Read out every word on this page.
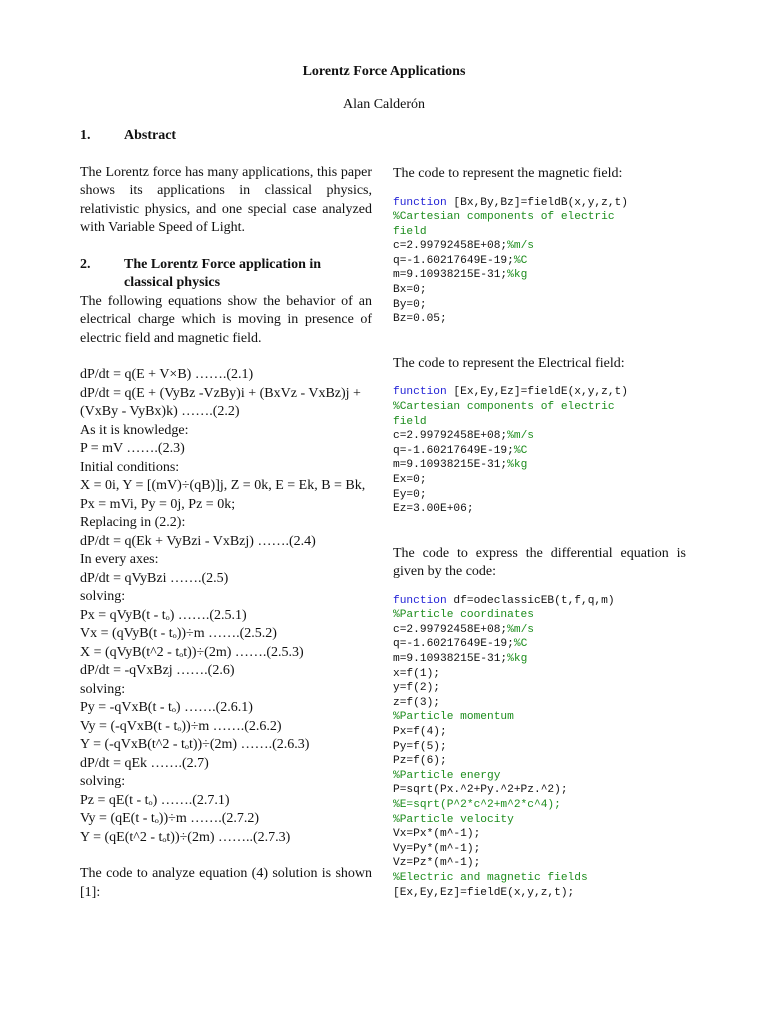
Lorentz Force Applications
Alan Calderón
1.	Abstract

The Lorentz force has many applications, this paper shows its applications in classical physics, relativistic physics, and one special case analyzed with Variable Speed of Light.

2.	The Lorentz Force application in classical physics

The following equations show the behavior of an electrical charge which is moving in presence of electric field and magnetic field.

dP/dt = q(E + V×B) …….(2.1)
dP/dt = q(E + (VyBz -VzBy)i + (BxVz - VxBz)j +
(VxBy - VyBx)k) …….(2.2)
As it is knowledge:
P = mV …….(2.3)
Initial conditions:
X = 0i, Y = [(mV)÷(qB)]j, Z = 0k, E = Ek, B = Bk,
Px = mVi, Py = 0j, Pz = 0k;
Replacing in (2.2):
dP/dt = q(Ek + VyBzi - VxBzj) …….(2.4)
In every axes:
dP/dt = qVyBzi …….(2.5)
solving:
Px = qVyB(t - tₒ) …….(2.5.1)
Vx = (qVyB(t - tₒ))÷m …….(2.5.2)
X = (qVyB(t^2 - tₒt))÷(2m) …….(2.5.3)
dP/dt = -qVxBzj …….(2.6)
solving:
Py = -qVxB(t - tₒ) …….(2.6.1)
Vy = (-qVxB(t - tₒ))÷m …….(2.6.2)
Y = (-qVxB(t^2 - tₒt))÷(2m) …….(2.6.3)
dP/dt = qEk …….(2.7)
solving:
Pz = qE(t - tₒ) …….(2.7.1)
Vy = (qE(t - tₒ))÷m …….(2.7.2)
Y = (qE(t^2 - tₒt))÷(2m) ……..(2.7.3)

The code to analyze equation (4) solution is shown [1]:

The code to represent the magnetic field:

function [Bx,By,Bz]=fieldB(x,y,z,t)
%Cartesian components of electric
field
c=2.99792458E+08;%m/s
q=-1.60217649E-19;%C
m=9.10938215E-31;%kg
Bx=0;
By=0;
Bz=0.05;

The code to represent the Electrical field:

function [Ex,Ey,Ez]=fieldE(x,y,z,t)
%Cartesian components of electric
field
c=2.99792458E+08;%m/s
q=-1.60217649E-19;%C
m=9.10938215E-31;%kg
Ex=0;
Ey=0;
Ez=3.00E+06;

The code to express the differential equation is given by the code:

function df=odeclassicEB(t,f,q,m)
%Particle coordinates
c=2.99792458E+08;%m/s
q=-1.60217649E-19;%C
m=9.10938215E-31;%kg
x=f(1);
y=f(2);
z=f(3);
%Particle momentum
Px=f(4);
Py=f(5);
Pz=f(6);
%Particle energy
P=sqrt(Px.^2+Py.^2+Pz.^2);
%E=sqrt(P^2*c^2+m^2*c^4);
%Particle velocity
Vx=Px*(m^-1);
Vy=Py*(m^-1);
Vz=Pz*(m^-1);
%Electric and magnetic fields
[Ex,Ey,Ez]=fieldE(x,y,z,t);
